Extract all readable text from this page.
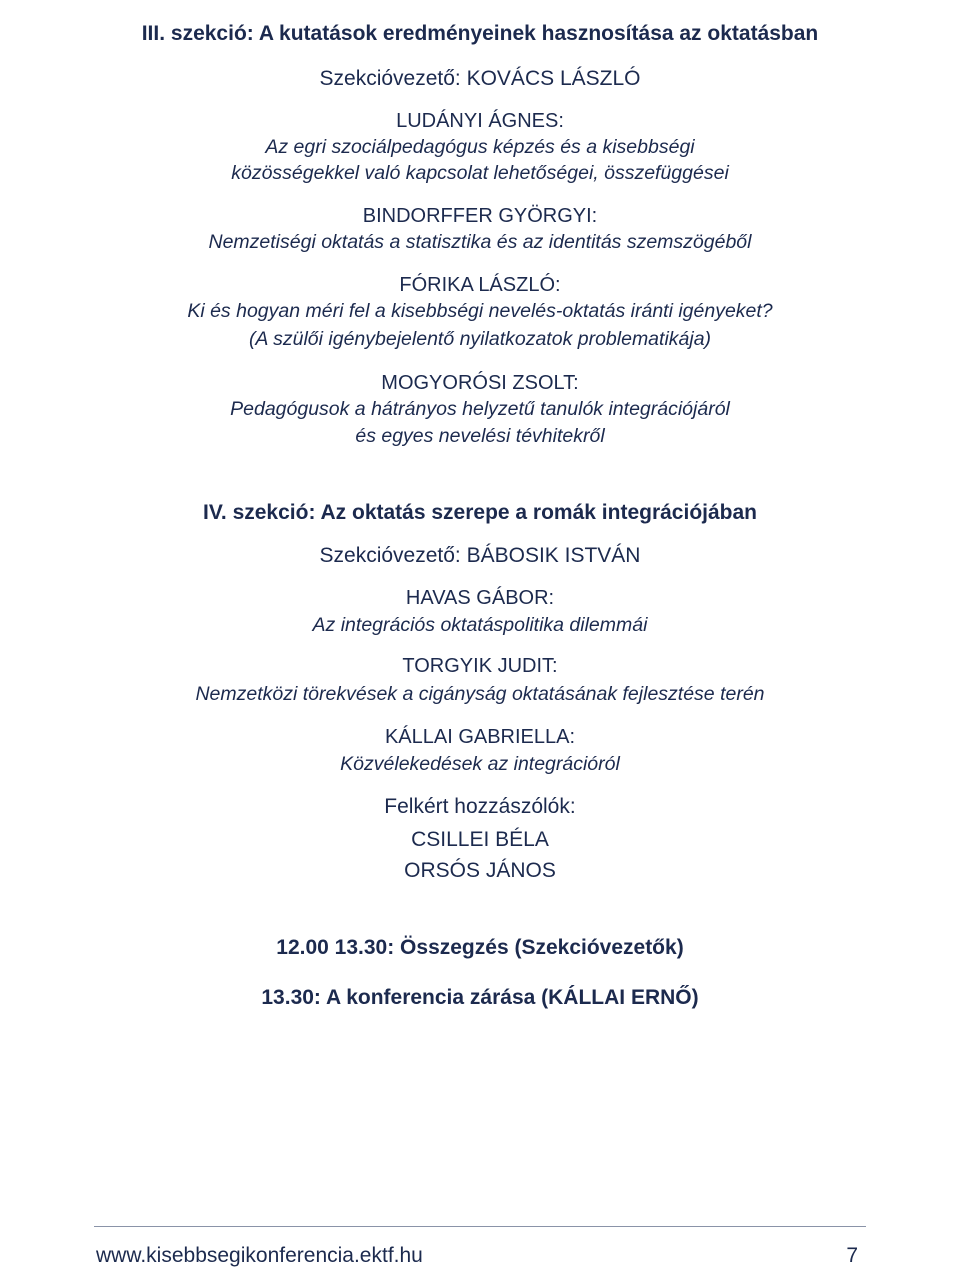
III. szekció: A kutatások eredményeinek hasznosítása az oktatásban
Szekcióvezető: KOVÁCS LÁSZLÓ
LUDÁNYI ÁGNES:
Az egri szociálpedagógus képzés és a kisebbségi
közösségekkel való kapcsolat lehetőségei, összefüggései
BINDORFFER GYÖRGYI:
Nemzetiségi oktatás a statisztika és az identitás szemszögéből
FÓRIKA LÁSZLÓ:
Ki és hogyan méri fel a kisebbségi nevelés-oktatás iránti igényeket?
(A szülői igénybejelentő nyilatkozatok problematikája)
MOGYORÓSI ZSOLT:
Pedagógusok a hátrányos helyzetű tanulók integrációjáról
és egyes nevelési tévhitekről
IV. szekció: Az oktatás szerepe a romák integrációjában
Szekcióvezető: BÁBOSIK ISTVÁN
HAVAS GÁBOR:
Az integrációs oktatáspolitika dilemmái
TORGYIK JUDIT:
Nemzetközi törekvések a cigányság oktatásának fejlesztése terén
KÁLLAI GABRIELLA:
Közvélekedések az integrációról
Felkért hozzászólók:
CSILLEI BÉLA
ORSÓS JÁNOS
12.00 13.30: Összegzés (Szekcióvezetők)
13.30: A konferencia zárása (KÁLLAI ERNŐ)
www.kisebbsegikonferencia.ektf.hu	7
